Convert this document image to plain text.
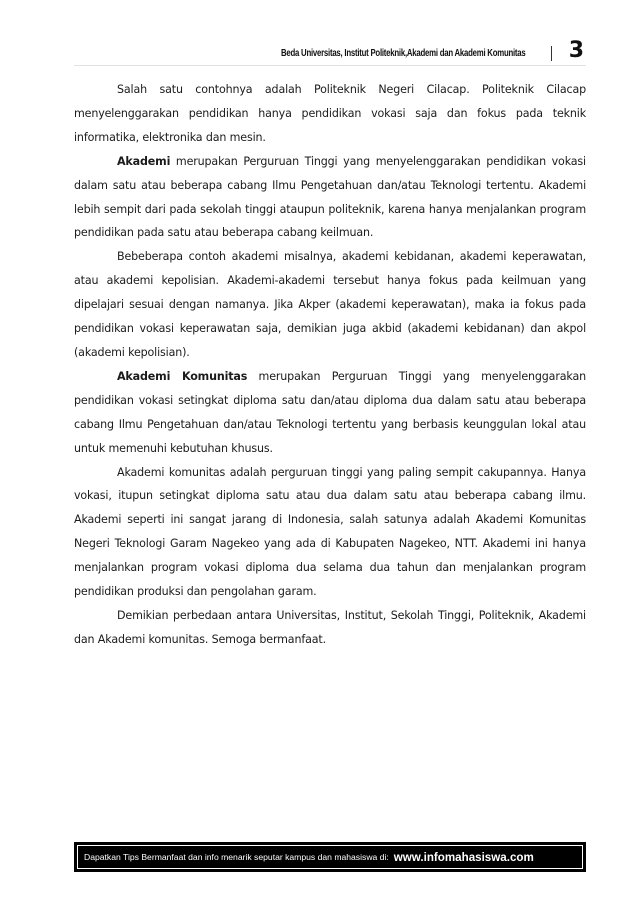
Beda Universitas, Institut Politeknik,Akademi dan Akademi Komunitas 3

Salah satu contohnya adalah Politeknik Negeri Cilacap. Politeknik Cilacap menyelenggarakan pendidikan hanya pendidikan vokasi saja dan fokus pada teknik informatika, elektronika dan mesin.

Akademi merupakan Perguruan Tinggi yang menyelenggarakan pendidikan vokasi dalam satu atau beberapa cabang Ilmu Pengetahuan dan/atau Teknologi tertentu. Akademi lebih sempit dari pada sekolah tinggi ataupun politeknik, karena hanya menjalankan program pendidikan pada satu atau beberapa cabang keilmuan.

Bebeberapa contoh akademi misalnya, akademi kebidanan, akademi keperawatan, atau akademi kepolisian. Akademi-akademi tersebut hanya fokus pada keilmuan yang dipelajari sesuai dengan namanya. Jika Akper (akademi keperawatan), maka ia fokus pada pendidikan vokasi keperawatan saja, demikian juga akbid (akademi kebidanan) dan akpol (akademi kepolisian).

Akademi Komunitas merupakan Perguruan Tinggi yang menyelenggarakan pendidikan vokasi setingkat diploma satu dan/atau diploma dua dalam satu atau beberapa cabang Ilmu Pengetahuan dan/atau Teknologi tertentu yang berbasis keunggulan lokal atau untuk memenuhi kebutuhan khusus.

Akademi komunitas adalah perguruan tinggi yang paling sempit cakupannya. Hanya vokasi, itupun setingkat diploma satu atau dua dalam satu atau beberapa cabang ilmu. Akademi seperti ini sangat jarang di Indonesia, salah satunya adalah Akademi Komunitas Negeri Teknologi Garam Nagekeo yang ada di Kabupaten Nagekeo, NTT. Akademi ini hanya menjalankan program vokasi diploma dua selama dua tahun dan menjalankan program pendidikan produksi dan pengolahan garam.

Demikian perbedaan antara Universitas, Institut, Sekolah Tinggi, Politeknik, Akademi dan Akademi komunitas. Semoga bermanfaat.

Dapatkan Tips Bermanfaat dan info menarik seputar kampus dan mahasiswa di: www.infomahasiswa.com
